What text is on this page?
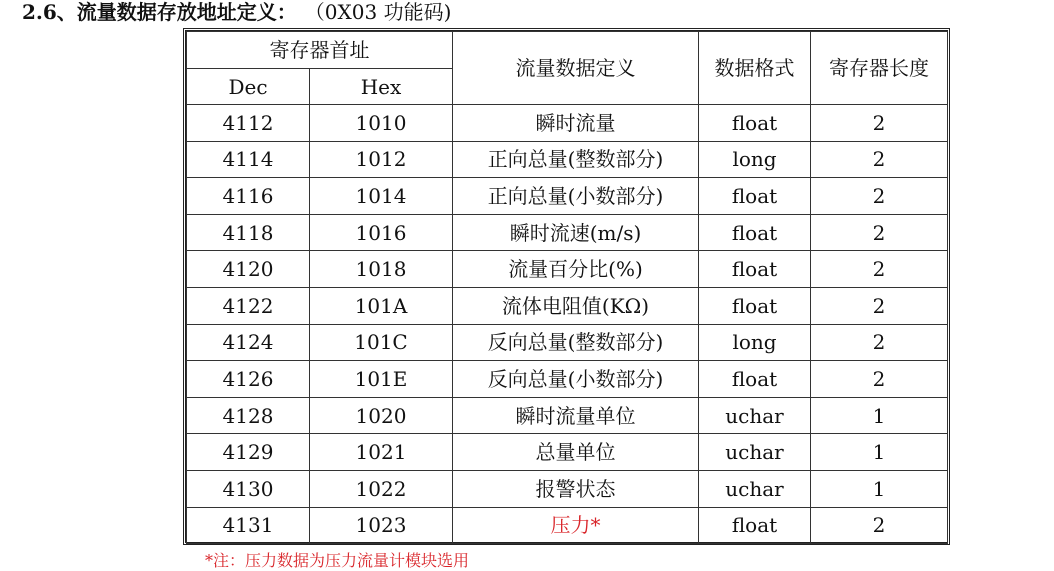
2.6、流量数据存放地址定义： （0X03 功能码)
寄存器首址		流量数据定义	数据格式	寄存器长度
Dec	Hex			
4112	1010	瞬时流量	float	2
4114	1012	正向总量(整数部分)	long	2
4116	1014	正向总量(小数部分)	float	2
4118	1016	瞬时流速(m/s)	float	2
4120	1018	流量百分比(%)	float	2
4122	101A	流体电阻值(KΩ)	float	2
4124	101C	反向总量(整数部分)	long	2
4126	101E	反向总量(小数部分)	float	2
4128	1020	瞬时流量单位	uchar	1
4129	1021	总量单位	uchar	1
4130	1022	报警状态	uchar	1
4131	1023	压力*	float	2
*注：压力数据为压力流量计模块选用
